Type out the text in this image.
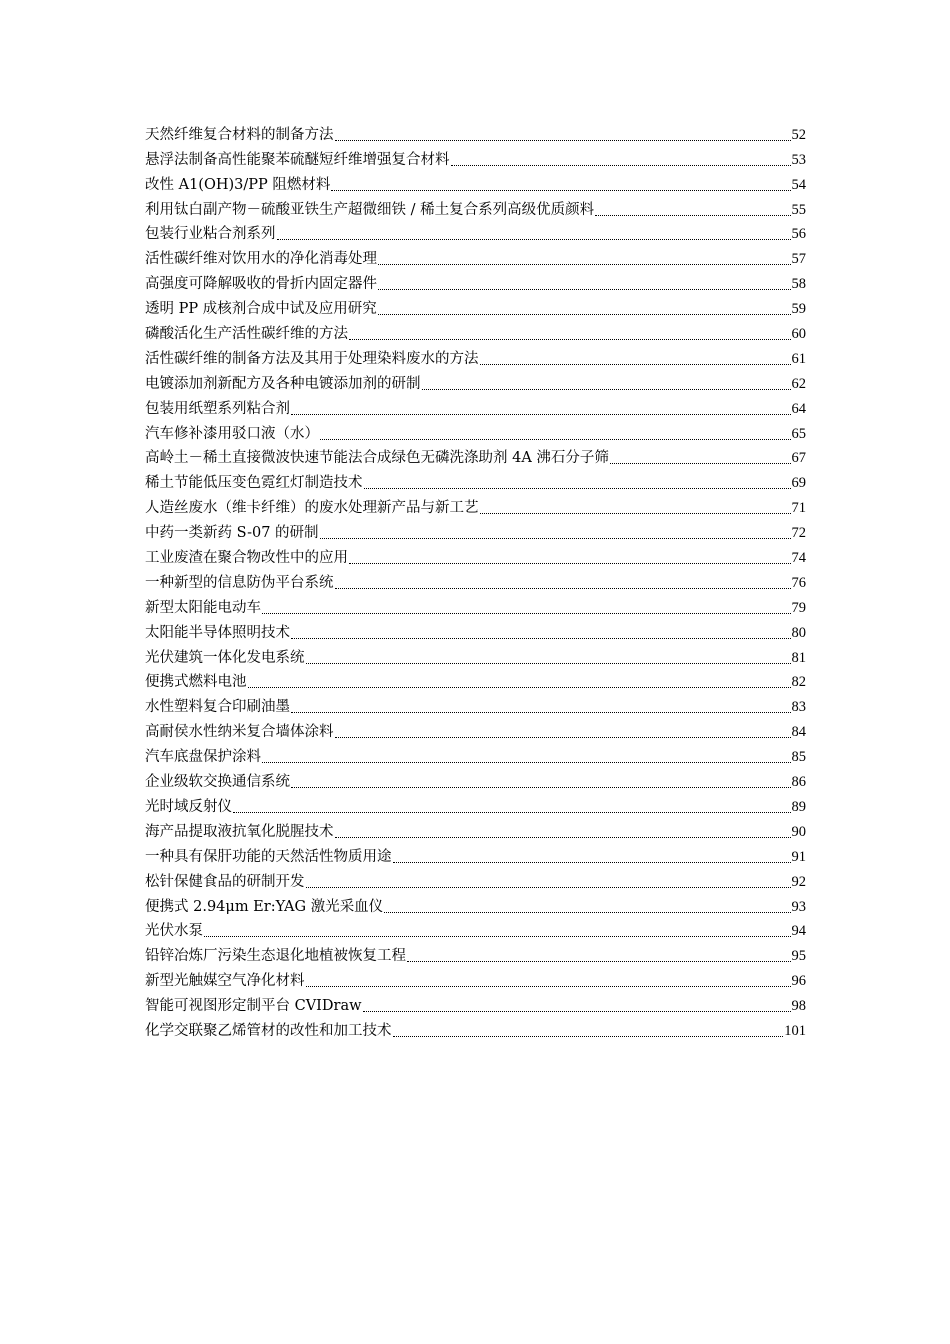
天然纤维复合材料的制备方法	52
悬浮法制备高性能聚苯硫醚短纤维增强复合材料	53
改性 A1(OH)3/PP 阻燃材料	54
利用钛白副产物－硫酸亚铁生产超微细铁 / 稀土复合系列高级优质颜料	55
包装行业粘合剂系列	56
活性碳纤维对饮用水的净化消毒处理	57
高强度可降解吸收的骨折内固定器件	58
透明 PP 成核剂合成中试及应用研究	59
磷酸活化生产活性碳纤维的方法	60
活性碳纤维的制备方法及其用于处理染料废水的方法	61
电镀添加剂新配方及各种电镀添加剂的研制	62
包装用纸塑系列粘合剂	64
汽车修补漆用驳口液（水）	65
高岭土－稀土直接微波快速节能法合成绿色无磷洗涤助剂 4A 沸石分子筛	67
稀土节能低压变色霓红灯制造技术	69
人造丝废水（维卡纤维）的废水处理新产品与新工艺	71
中药一类新药 S-07 的研制	72
工业废渣在聚合物改性中的应用	74
一种新型的信息防伪平台系统	76
新型太阳能电动车	79
太阳能半导体照明技术	80
光伏建筑一体化发电系统	81
便携式燃料电池	82
水性塑料复合印刷油墨	83
高耐侯水性纳米复合墙体涂料	84
汽车底盘保护涂料	85
企业级软交换通信系统	86
光时域反射仪	89
海产品提取液抗氧化脱腥技术	90
一种具有保肝功能的天然活性物质用途	91
松针保健食品的研制开发	92
便携式 2.94μm Er:YAG 激光采血仪	93
光伏水泵	94
铅锌冶炼厂污染生态退化地植被恢复工程	95
新型光触媒空气净化材料	96
智能可视图形定制平台 CVIDraw	98
化学交联聚乙烯管材的改性和加工技术	101
